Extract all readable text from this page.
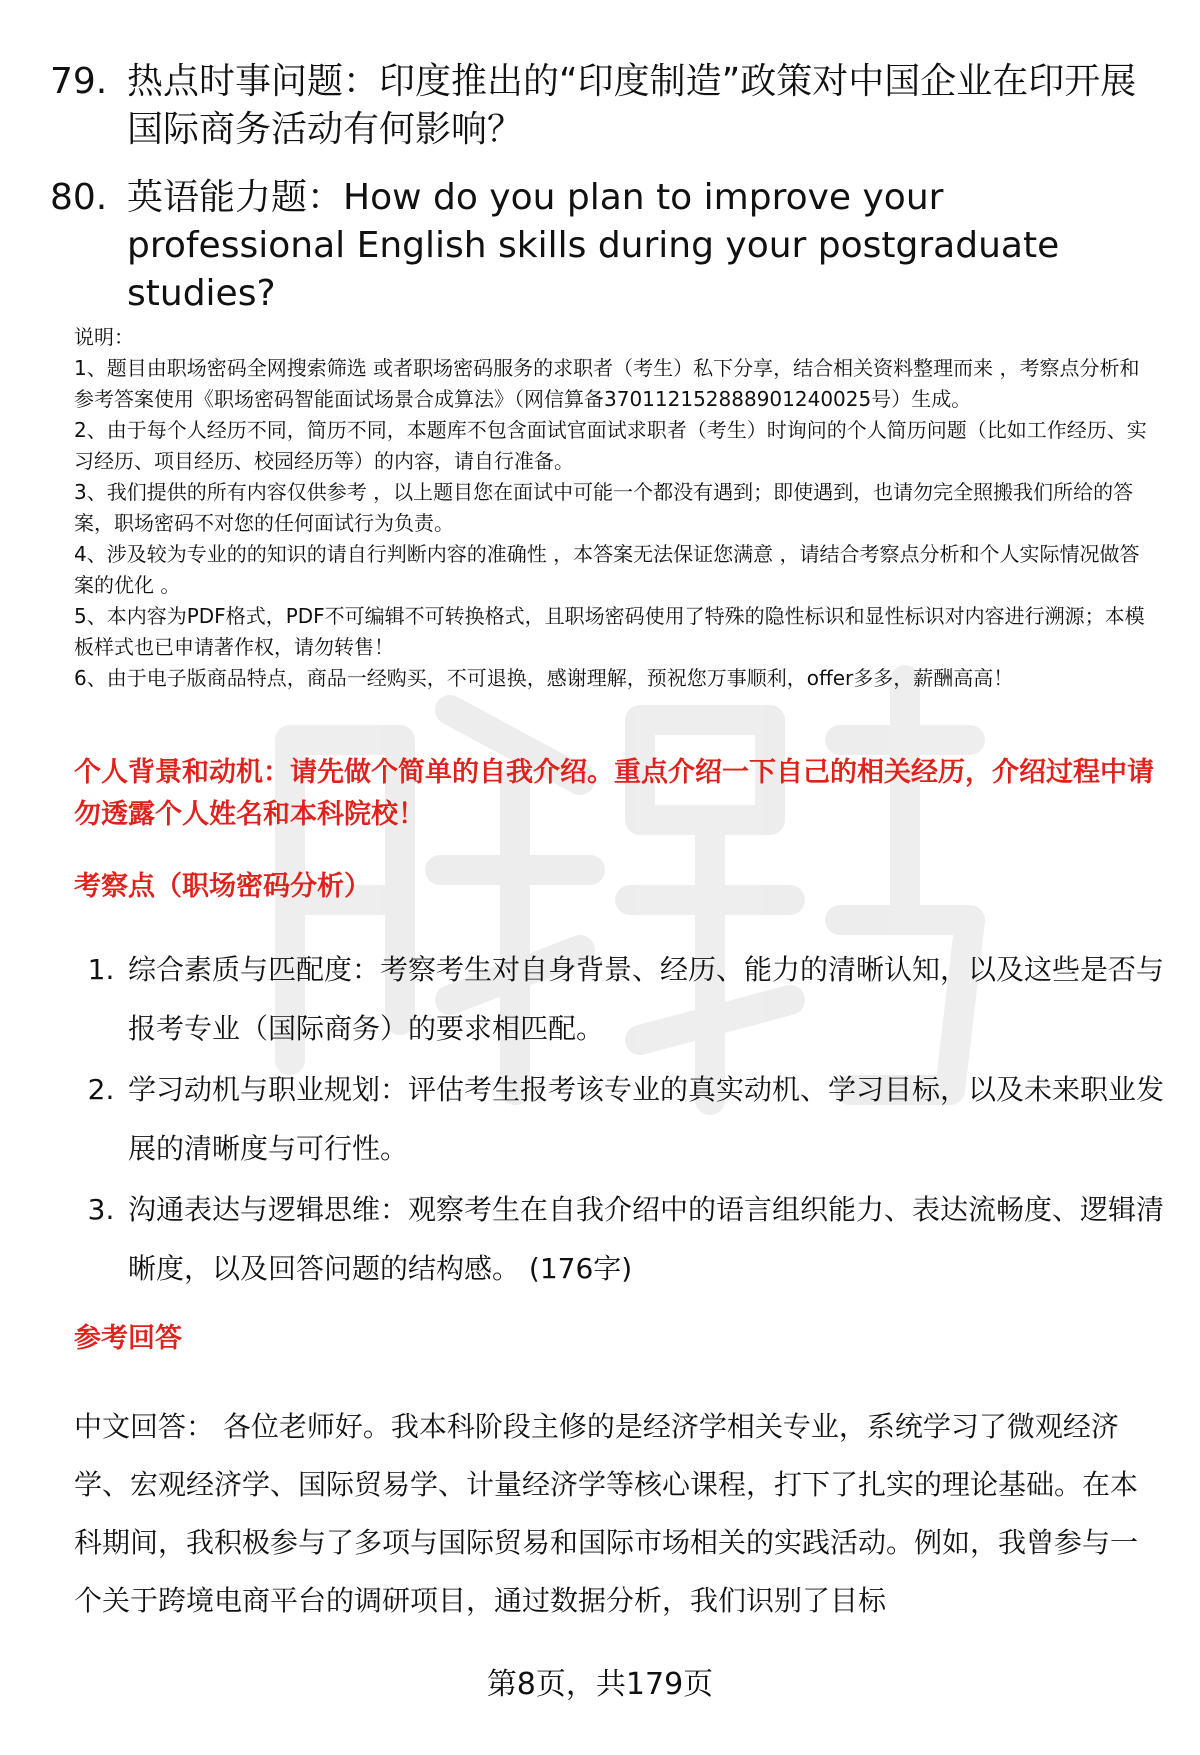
79. 热点时事问题：印度推出的“印度制造”政策对中国企业在印开展国际商务活动有何影响？
80. 英语能力题：How do you plan to improve your professional English skills during your postgraduate studies?

说明：

1、题目由职场密码全网搜索筛选 或者职场密码服务的求职者（考生）私下分享，结合相关资料整理而来 ，考察点分析和参考答案使用《职场密码智能面试场景合成算法》（网信算备370112152888901240025号）生成。

2、由于每个人经历不同，简历不同，本题库不包含面试官面试求职者（考生）时询问的个人简历问题（比如工作经历、实习经历、项目经历、校园经历等）的内容，请自行准备。

3、我们提供的所有内容仅供参考 ，以上题目您在面试中可能一个都没有遇到；即使遇到，也请勿完全照搬我们所给的答案，职场密码不对您的任何面试行为负责。

4、涉及较为专业的的知识的请自行判断内容的准确性 ，本答案无法保证您满意 ，请结合考察点分析和个人实际情况做答案的优化 。

5、本内容为PDF格式，PDF不可编辑不可转换格式，且职场密码使用了特殊的隐性标识和显性标识对内容进行溯源；本模板样式也已申请著作权，请勿转售！

6、由于电子版商品特点，商品一经购买，不可退换，感谢理解，预祝您万事顺利，offer多多，薪酬高高！

个人背景和动机：请先做个简单的自我介绍。重点介绍一下自己的相关经历，介绍过程中请勿透露个人姓名和本科院校！
考察点（职场密码分析）
1. 综合素质与匹配度：考察考生对自身背景、经历、能力的清晰认知，以及这些是否与报考专业（国际商务）的要求相匹配。
2. 学习动机与职业规划：评估考生报考该专业的真实动机、学习目标，以及未来职业发展的清晰度与可行性。
3. 沟通表达与逻辑思维：观察考生在自我介绍中的语言组织能力、表达流畅度、逻辑清晰度，以及回答问题的结构感。 (176字)
参考回答
中文回答： 各位老师好。我本科阶段主修的是经济学相关专业，系统学习了微观经济学、宏观经济学、国际贸易学、计量经济学等核心课程，打下了扎实的理论基础。在本科期间，我积极参与了多项与国际贸易和国际市场相关的实践活动。例如，我曾参与一个关于跨境电商平台的调研项目，通过数据分析，我们识别了目标
第8页，共179页
